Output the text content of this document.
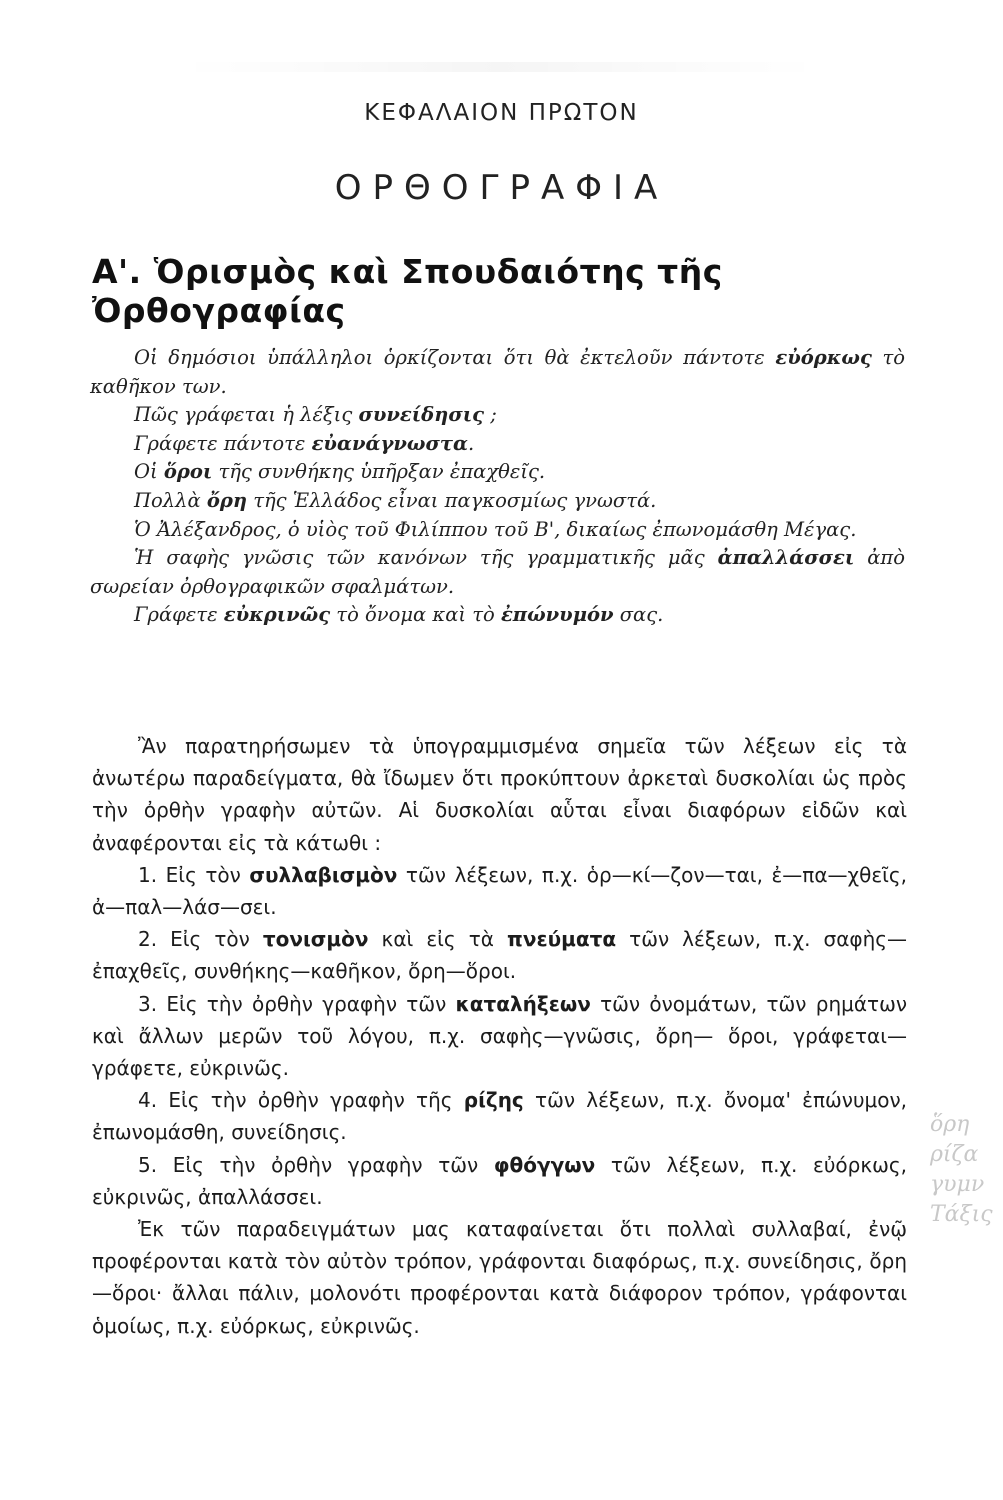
ΚΕΦΑΛΑΙΟΝ ΠΡΩΤΟΝ
ΟΡΘΟΓΡΑΦΙΑ
Α'. Ὁρισμὸς καὶ Σπουδαιότης τῆς Ὀρθογραφίας

Οἱ δημόσιοι ὑπάλληλοι ὁρκίζονται ὅτι θὰ ἐκτελοῦν πάντοτε εὐόρκως τὸ καθῆκον των.

Πῶς γράφεται ἡ λέξις συνείδησις ;

Γράφετε πάντοτε εὐανάγνωστα.

Οἱ ὅροι τῆς συνθήκης ὑπῆρξαν ἐπαχθεῖς.

Πολλὰ ὄρη τῆς Ἑλλάδος εἶναι παγκοσμίως γνωστά.

Ὁ Ἀλέξανδρος, ὁ υἱὸς τοῦ Φιλίππου τοῦ Β', δικαίως ἐπωνομάσθη Μέγας.

Ἡ σαφὴς γνῶσις τῶν κανόνων τῆς γραμματικῆς μᾶς ἀπαλλάσσει ἀπὸ σωρείαν ὀρθογραφικῶν σφαλμάτων.

Γράφετε εὐκρινῶς τὸ ὄνομα καὶ τὸ ἐπώνυμόν σας.

Ἂν παρατηρήσωμεν τὰ ὑπογραμμισμένα σημεῖα τῶν λέξεων εἰς τὰ ἀνωτέρω παραδείγματα, θὰ ἴδωμεν ὅτι προκύπτουν ἀρκεταὶ δυσκολίαι ὡς πρὸς τὴν ὀρθὴν γραφὴν αὐτῶν. Αἱ δυσκολίαι αὗται εἶναι διαφόρων εἰδῶν καὶ ἀναφέρονται εἰς τὰ κάτωθι :

1. Εἰς τὸν συλλαβισμὸν τῶν λέξεων, π.χ. ὁρ—κί—ζον—ται, ἐ—πα—χθεῖς, ἀ—παλ—λάσ—σει.

2. Εἰς τὸν τονισμὸν καὶ εἰς τὰ πνεύματα τῶν λέξεων, π.χ. σαφὴς—ἐπαχθεῖς, συνθήκης—καθῆκον, ὄρη—ὅροι.

3. Εἰς τὴν ὀρθὴν γραφὴν τῶν καταλήξεων τῶν ὀνομάτων, τῶν ρημάτων καὶ ἄλλων μερῶν τοῦ λόγου, π.χ. σαφὴς—γνῶσις, ὄρη— ὅροι, γράφεται—γράφετε, εὐκρινῶς.

4. Εἰς τὴν ὀρθὴν γραφὴν τῆς ρίζης τῶν λέξεων, π.χ. ὄνομα' ἐπώνυμον, ἐπωνομάσθη, συνείδησις.

5. Εἰς τὴν ὀρθὴν γραφὴν τῶν φθόγγων τῶν λέξεων, π.χ. εὐόρκως, εὐκρινῶς, ἀπαλλάσσει.

Ἐκ τῶν παραδειγμάτων μας καταφαίνεται ὅτι πολλαὶ συλλαβαί, ἐνῷ προφέρονται κατὰ τὸν αὐτὸν τρόπον, γράφονται διαφόρως, π.χ. συνείδησις, ὄρη—ὅροι· ἄλλαι πάλιν, μολονότι προφέρονται κατὰ διάφορον τρόπον, γράφονται ὁμοίως, π.χ. εὐόρκως, εὐκρινῶς.

ὅρη
ρίζα
γυμν
Τάξις
